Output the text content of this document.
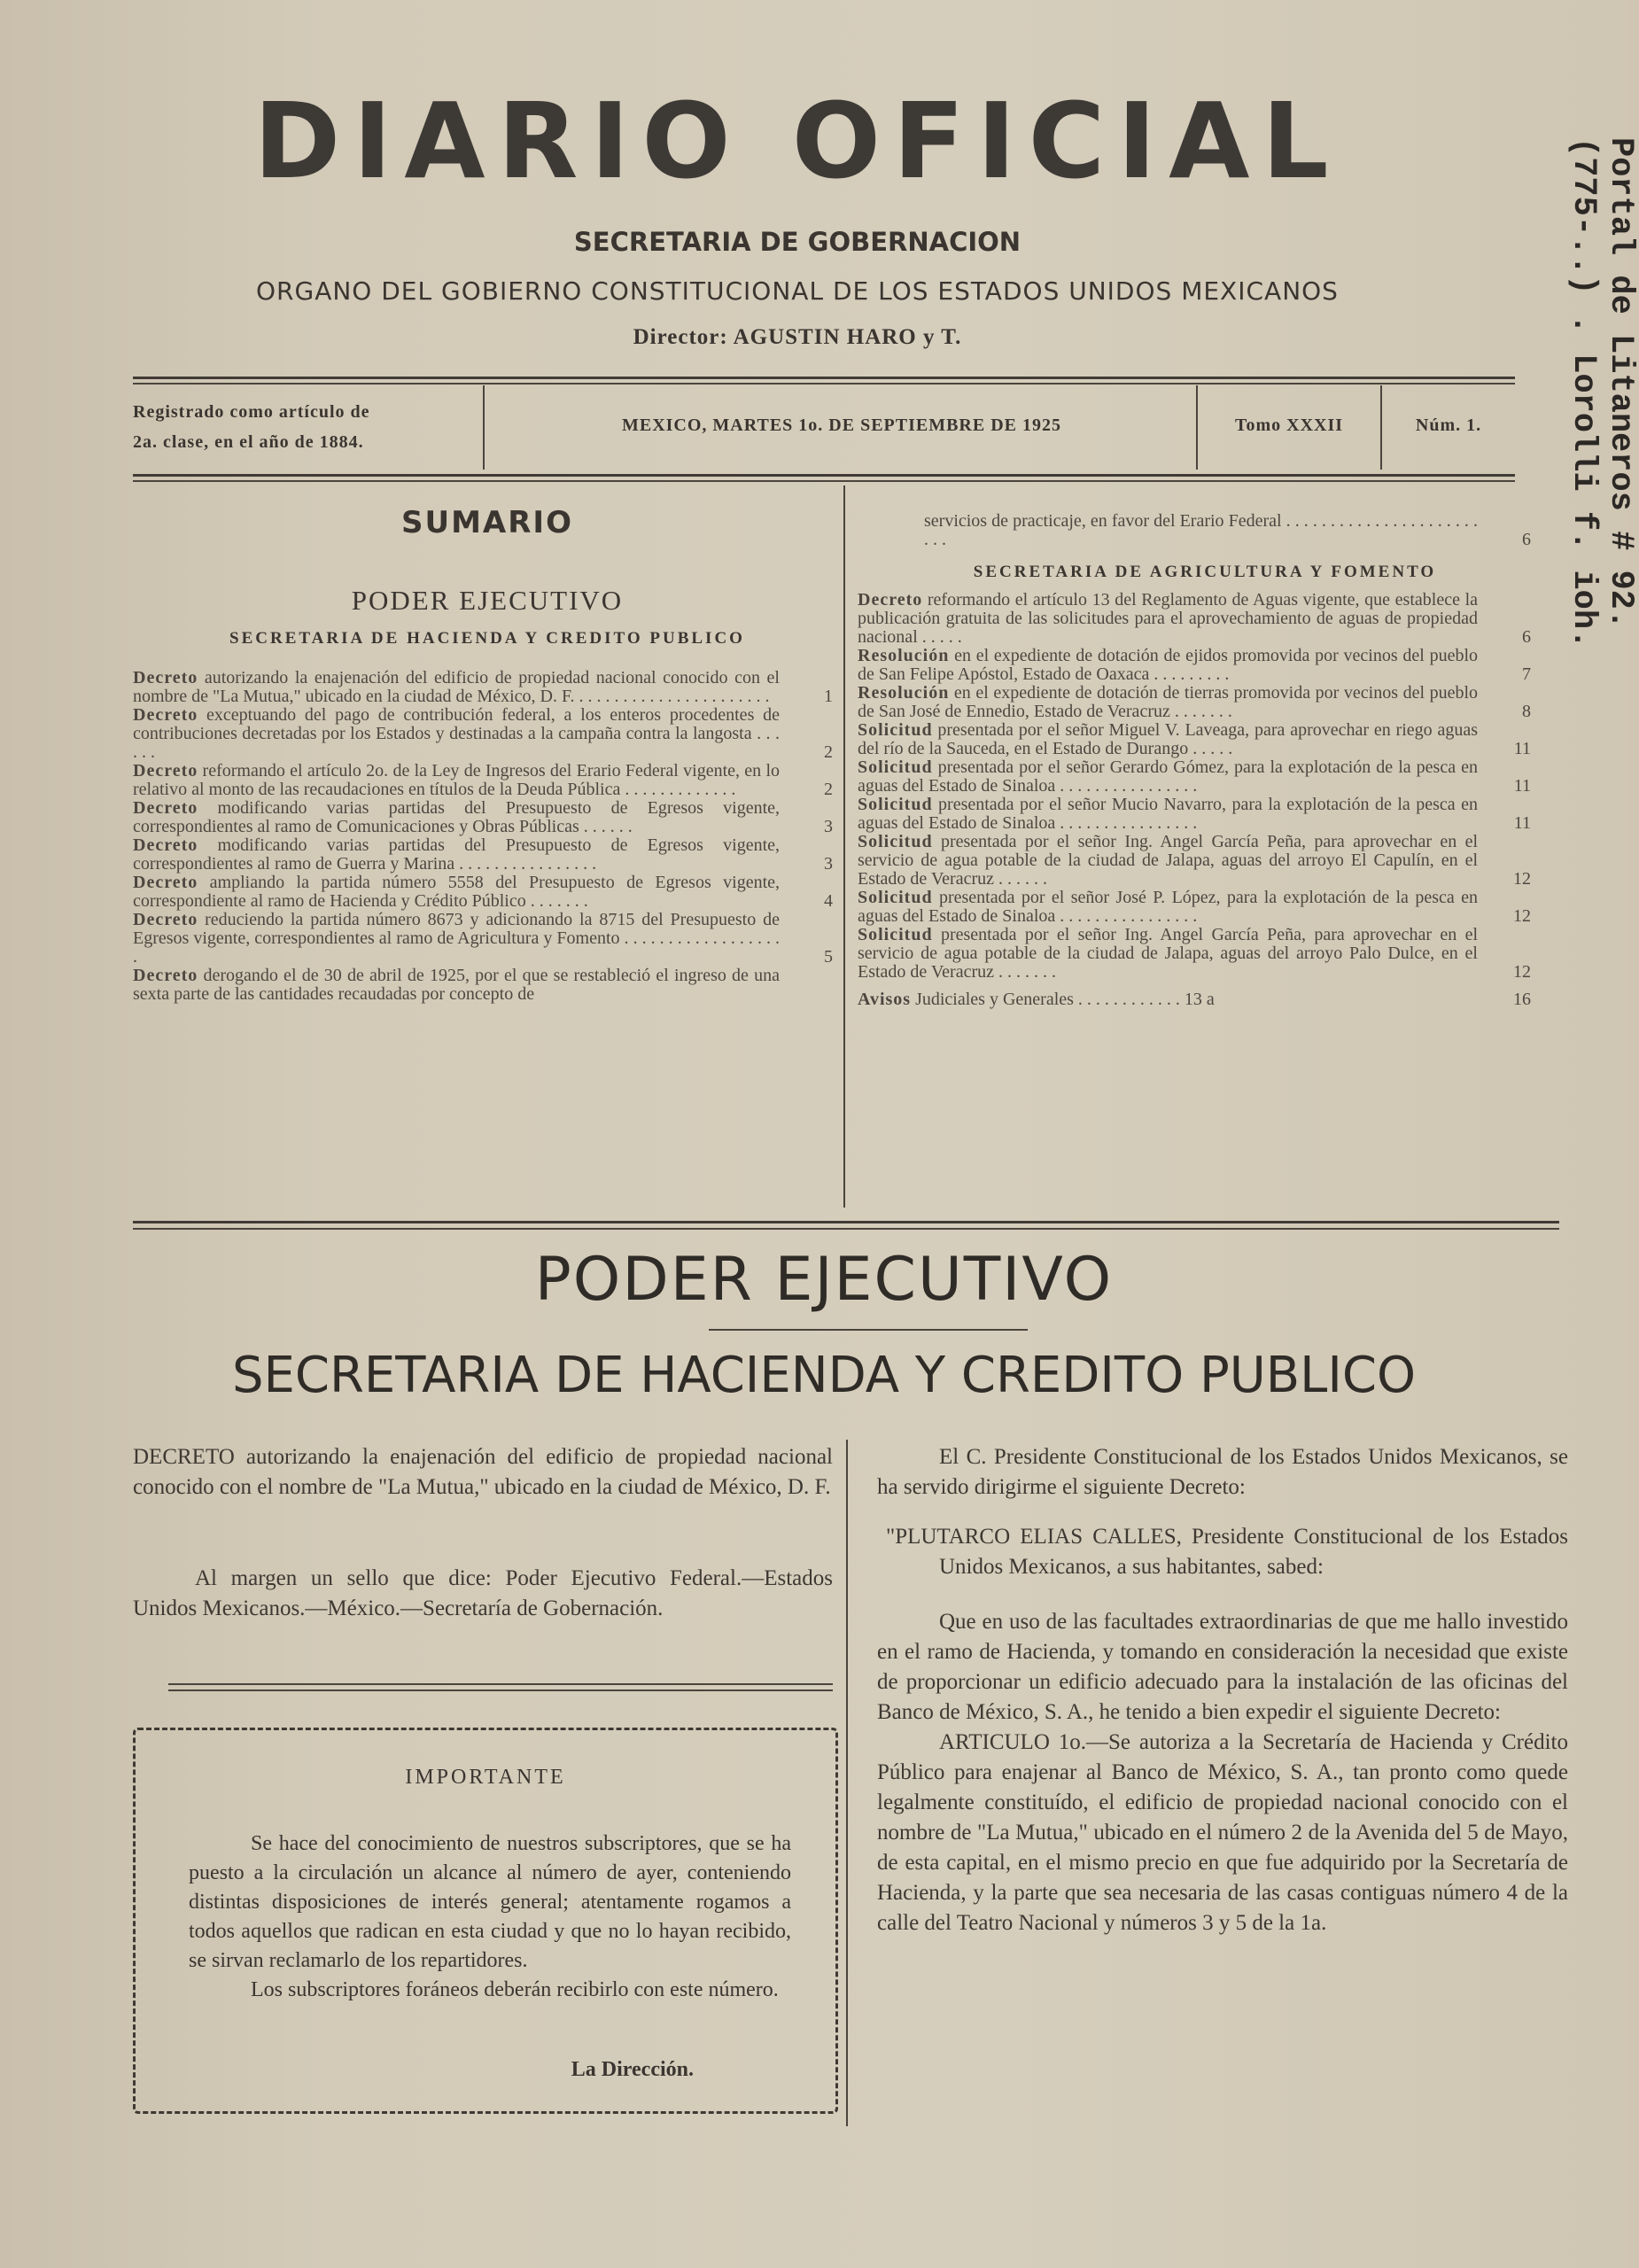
DIARIO OFICIAL
SECRETARIA DE GOBERNACION
ORGANO DEL GOBIERNO CONSTITUCIONAL DE LOS ESTADOS UNIDOS MEXICANOS
Director: AGUSTIN HARO y T.
Registrado como artículo de
2a. clase, en el año de 1884.
MEXICO, MARTES 1o. DE SEPTIEMBRE DE 1925	Tomo XXXII	Núm. 1.
SUMARIO
PODER EJECUTIVO
SECRETARIA DE HACIENDA Y CREDITO PUBLICO
Decreto autorizando la enajenación del edificio de propiedad nacional conocido con el nombre de "La Mutua," ubicado en la ciudad de México, D. F. . . . . . . . . . . . . . . . . . . . . . .	1
Decreto exceptuando del pago de contribución federal, a los enteros procedentes de contribuciones decretadas por los Estados y destinadas a la campaña contra la langosta . . . . . .	2
Decreto reformando el artículo 2o. de la Ley de Ingresos del Erario Federal vigente, en lo relativo al monto de las recaudaciones en títulos de la Deuda Pública . . . . . . . . . . . . .	2
Decreto modificando varias partidas del Presupuesto de Egresos vigente, correspondientes al ramo de Comunicaciones y Obras Públicas . . . . . .	3
Decreto modificando varias partidas del Presupuesto de Egresos vigente, correspondientes al ramo de Guerra y Marina . . . . . . . . . . . . . . . .	3
Decreto ampliando la partida número 5558 del Presupuesto de Egresos vigente, correspondiente al ramo de Hacienda y Crédito Público . . . . . . .	4
Decreto reduciendo la partida número 8673 y adicionando la 8715 del Presupuesto de Egresos vigente, correspondientes al ramo de Agricultura y Fomento . . . . . . . . . . . . . . . . . . .	5
Decreto derogando el de 30 de abril de 1925, por el que se restableció el ingreso de una sexta parte de las cantidades recaudadas por concepto de
servicios de practicaje, en favor del Erario Federal . . . . . . . . . . . . . . . . . . . . . . . . .	6
SECRETARIA DE AGRICULTURA Y FOMENTO
Decreto reformando el artículo 13 del Reglamento de Aguas vigente, que establece la publicación gratuita de las solicitudes para el aprovechamiento de aguas de propiedad nacional . . . . .	6
Resolución en el expediente de dotación de ejidos promovida por vecinos del pueblo de San Felipe Apóstol, Estado de Oaxaca . . . . . . . . .	7
Resolución en el expediente de dotación de tierras promovida por vecinos del pueblo de San José de Ennedio, Estado de Veracruz . . . . . . .	8
Solicitud presentada por el señor Miguel V. Laveaga, para aprovechar en riego aguas del río de la Sauceda, en el Estado de Durango . . . . .	11
Solicitud presentada por el señor Gerardo Gómez, para la explotación de la pesca en aguas del Estado de Sinaloa . . . . . . . . . . . . . . . .	11
Solicitud presentada por el señor Mucio Navarro, para la explotación de la pesca en aguas del Estado de Sinaloa . . . . . . . . . . . . . . . .	11
Solicitud presentada por el señor Ing. Angel García Peña, para aprovechar en el servicio de agua potable de la ciudad de Jalapa, aguas del arroyo El Capulín, en el Estado de Veracruz . . . . . .	12
Solicitud presentada por el señor José P. López, para la explotación de la pesca en aguas del Estado de Sinaloa . . . . . . . . . . . . . . . .	12
Solicitud presentada por el señor Ing. Angel García Peña, para aprovechar en el servicio de agua potable de la ciudad de Jalapa, aguas del arroyo Palo Dulce, en el Estado de Veracruz . . . . . . .	12
Avisos Judiciales y Generales . . . . . . . . . . . . 13 a	16
PODER EJECUTIVO
SECRETARIA DE HACIENDA Y CREDITO PUBLICO

DECRETO autorizando la enajenación del edificio de propiedad nacional conocido con el nombre de "La Mutua," ubicado en la ciudad de México, D. F.

Al margen un sello que dice: Poder Ejecutivo Federal.—Estados Unidos Mexicanos.—México.—Secretaría de Gobernación.

IMPORTANTE

Se hace del conocimiento de nuestros subscriptores, que se ha puesto a la circulación un alcance al número de ayer, conteniendo distintas disposiciones de interés general; atentamente rogamos a todos aquellos que radican en esta ciudad y que no lo hayan recibido, se sirvan reclamarlo de los repartidores.

Los subscriptores foráneos deberán recibirlo con este número.

La Dirección.

El C. Presidente Constitucional de los Estados Unidos Mexicanos, se ha servido dirigirme el siguiente Decreto:

"PLUTARCO ELIAS CALLES, Presidente Constitucional de los Estados Unidos Mexicanos, a sus habitantes, sabed:

Que en uso de las facultades extraordinarias de que me hallo investido en el ramo de Hacienda, y tomando en consideración la necesidad que existe de proporcionar un edificio adecuado para la instalación de las oficinas del Banco de México, S. A., he tenido a bien expedir el siguiente Decreto:

ARTICULO 1o.—Se autoriza a la Secretaría de Hacienda y Crédito Público para enajenar al Banco de México, S. A., tan pronto como quede legalmente constituído, el edificio de propiedad nacional conocido con el nombre de "La Mutua," ubicado en el número 2 de la Avenida del 5 de Mayo, de esta capital, en el mismo precio en que fue adquirido por la Secretaría de Hacienda, y la parte que sea necesaria de las casas contiguas número 4 de la calle del Teatro Nacional y números 3 y 5 de la 1a.

Portal de Litaneros # 92.
(775-..) . Lorolli f. ioh.
